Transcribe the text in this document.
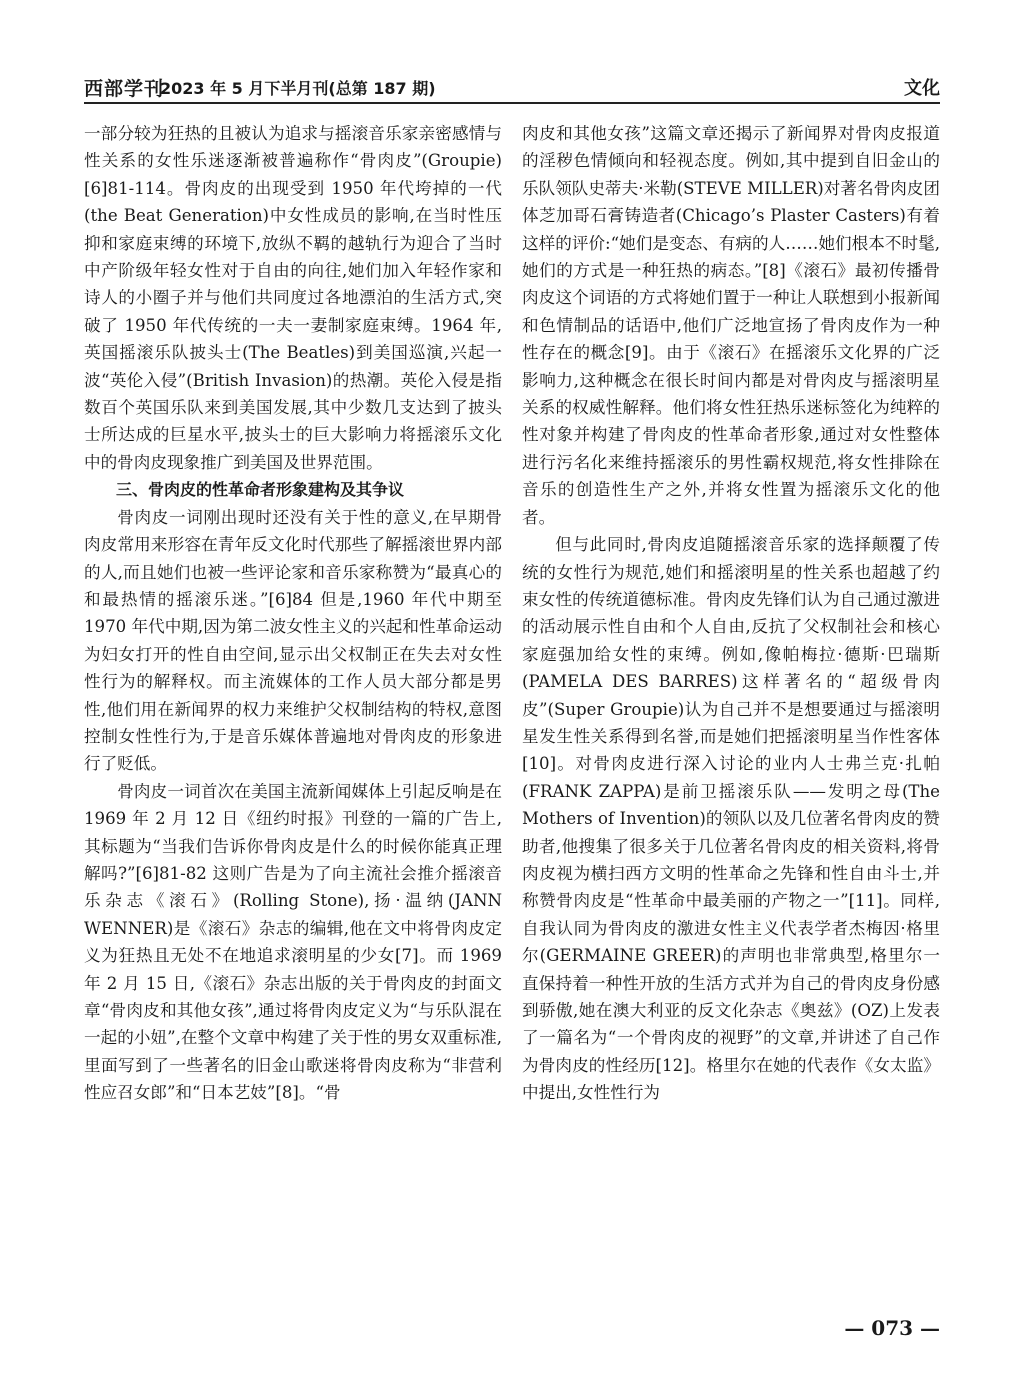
西部学刊
2023 年 5 月下半月刊(总第 187 期)	文化

一部分较为狂热的且被认为追求与摇滚音乐家亲密感情与性关系的女性乐迷逐渐被普遍称作“骨肉皮”(Groupie)[6]81-114。骨肉皮的出现受到 1950 年代垮掉的一代(the Beat Generation)中女性成员的影响,在当时性压抑和家庭束缚的环境下,放纵不羁的越轨行为迎合了当时中产阶级年轻女性对于自由的向往,她们加入年轻作家和诗人的小圈子并与他们共同度过各地漂泊的生活方式,突破了 1950 年代传统的一夫一妻制家庭束缚。1964 年,英国摇滚乐队披头士(The Beatles)到美国巡演,兴起一波“英伦入侵”(British Invasion)的热潮。英伦入侵是指数百个英国乐队来到美国发展,其中少数几支达到了披头士所达成的巨星水平,披头士的巨大影响力将摇滚乐文化中的骨肉皮现象推广到美国及世界范围。

三、骨肉皮的性革命者形象建构及其争议

骨肉皮一词刚出现时还没有关于性的意义,在早期骨肉皮常用来形容在青年反文化时代那些了解摇滚世界内部的人,而且她们也被一些评论家和音乐家称赞为“最真心的和最热情的摇滚乐迷。”[6]84 但是,1960 年代中期至 1970 年代中期,因为第二波女性主义的兴起和性革命运动为妇女打开的性自由空间,显示出父权制正在失去对女性性行为的解释权。而主流媒体的工作人员大部分都是男性,他们用在新闻界的权力来维护父权制结构的特权,意图控制女性性行为,于是音乐媒体普遍地对骨肉皮的形象进行了贬低。

骨肉皮一词首次在美国主流新闻媒体上引起反响是在 1969 年 2 月 12 日《纽约时报》刊登的一篇的广告上,其标题为“当我们告诉你骨肉皮是什么的时候你能真正理解吗?”[6]81-82 这则广告是为了向主流社会推介摇滚音乐杂志《滚石》(Rolling Stone),扬·温纳(JANN WENNER)是《滚石》杂志的编辑,他在文中将骨肉皮定义为狂热且无处不在地追求滚明星的少女[7]。而 1969 年 2 月 15 日,《滚石》杂志出版的关于骨肉皮的封面文章“骨肉皮和其他女孩”,通过将骨肉皮定义为“与乐队混在一起的小妞”,在整个文章中构建了关于性的男女双重标准,里面写到了一些著名的旧金山歌迷将骨肉皮称为“非营利性应召女郎”和“日本艺妓”[8]。“骨

肉皮和其他女孩”这篇文章还揭示了新闻界对骨肉皮报道的淫秽色情倾向和轻视态度。例如,其中提到自旧金山的乐队领队史蒂夫·米勒(STEVE MILLER)对著名骨肉皮团体芝加哥石膏铸造者(Chicago’s Plaster Casters)有着这样的评价:“她们是变态、有病的人……她们根本不时髦,她们的方式是一种狂热的病态。”[8]《滚石》最初传播骨肉皮这个词语的方式将她们置于一种让人联想到小报新闻和色情制品的话语中,他们广泛地宣扬了骨肉皮作为一种性存在的概念[9]。由于《滚石》在摇滚乐文化界的广泛影响力,这种概念在很长时间内都是对骨肉皮与摇滚明星关系的权威性解释。他们将女性狂热乐迷标签化为纯粹的性对象并构建了骨肉皮的性革命者形象,通过对女性整体进行污名化来维持摇滚乐的男性霸权规范,将女性排除在音乐的创造性生产之外,并将女性置为摇滚乐文化的他者。

但与此同时,骨肉皮追随摇滚音乐家的选择颠覆了传统的女性行为规范,她们和摇滚明星的性关系也超越了约束女性的传统道德标准。骨肉皮先锋们认为自己通过激进的活动展示性自由和个人自由,反抗了父权制社会和核心家庭强加给女性的束缚。例如,像帕梅拉·德斯·巴瑞斯(PAMELA DES BARRES)这样著名的“超级骨肉皮”(Super Groupie)认为自己并不是想要通过与摇滚明星发生性关系得到名誉,而是她们把摇滚明星当作性客体[10]。对骨肉皮进行深入讨论的业内人士弗兰克·扎帕(FRANK ZAPPA)是前卫摇滚乐队——发明之母(The Mothers of Invention)的领队以及几位著名骨肉皮的赞助者,他搜集了很多关于几位著名骨肉皮的相关资料,将骨肉皮视为横扫西方文明的性革命之先锋和性自由斗士,并称赞骨肉皮是“性革命中最美丽的产物之一”[11]。同样,自我认同为骨肉皮的激进女性主义代表学者杰梅因·格里尔(GERMAINE GREER)的声明也非常典型,格里尔一直保持着一种性开放的生活方式并为自己的骨肉皮身份感到骄傲,她在澳大利亚的反文化杂志《奥兹》(OZ)上发表了一篇名为“一个骨肉皮的视野”的文章,并讲述了自己作为骨肉皮的性经历[12]。格里尔在她的代表作《女太监》中提出,女性性行为

— 073 —
